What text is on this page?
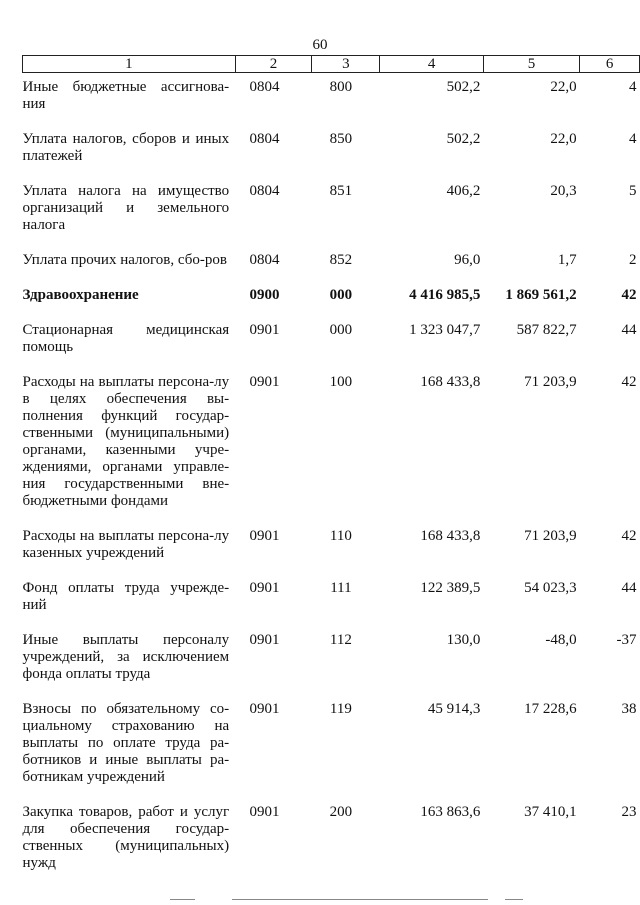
60
1	2	3	4	5	6

Иные бюджетные ассигнова-ния	0804	800	502,2	22,0	4

Уплата налогов, сборов и иных платежей	0804	850	502,2	22,0	4

Уплата налога на имущество организаций и земельного налога	0804	851	406,2	20,3	5

Уплата прочих налогов, сбо-ров	0804	852	96,0	1,7	2

Здравоохранение	0900	000	4 416 985,5	1 869 561,2	42

Стационарная медицинская помощь	0901	000	1 323 047,7	587 822,7	44

Расходы на выплаты персона-лу в целях обеспечения вы-полнения функций государ-ственными (муниципальными) органами, казенными учре-ждениями, органами управле-ния государственными вне-бюджетными фондами	0901	100	168 433,8	71 203,9	42

Расходы на выплаты персона-лу казенных учреждений	0901	110	168 433,8	71 203,9	42

Фонд оплаты труда учрежде-ний	0901	111	122 389,5	54 023,3	44

Иные выплаты персоналу учреждений, за исключением фонда оплаты труда	0901	112	130,0	-48,0	-37

Взносы по обязательному со-циальному страхованию на выплаты по оплате труда ра-ботников и иные выплаты ра-ботникам учреждений	0901	119	45 914,3	17 228,6	38

Закупка товаров, работ и услуг для обеспечения государ-ственных (муниципальных) нужд	0901	200	163 863,6	37 410,1	23
